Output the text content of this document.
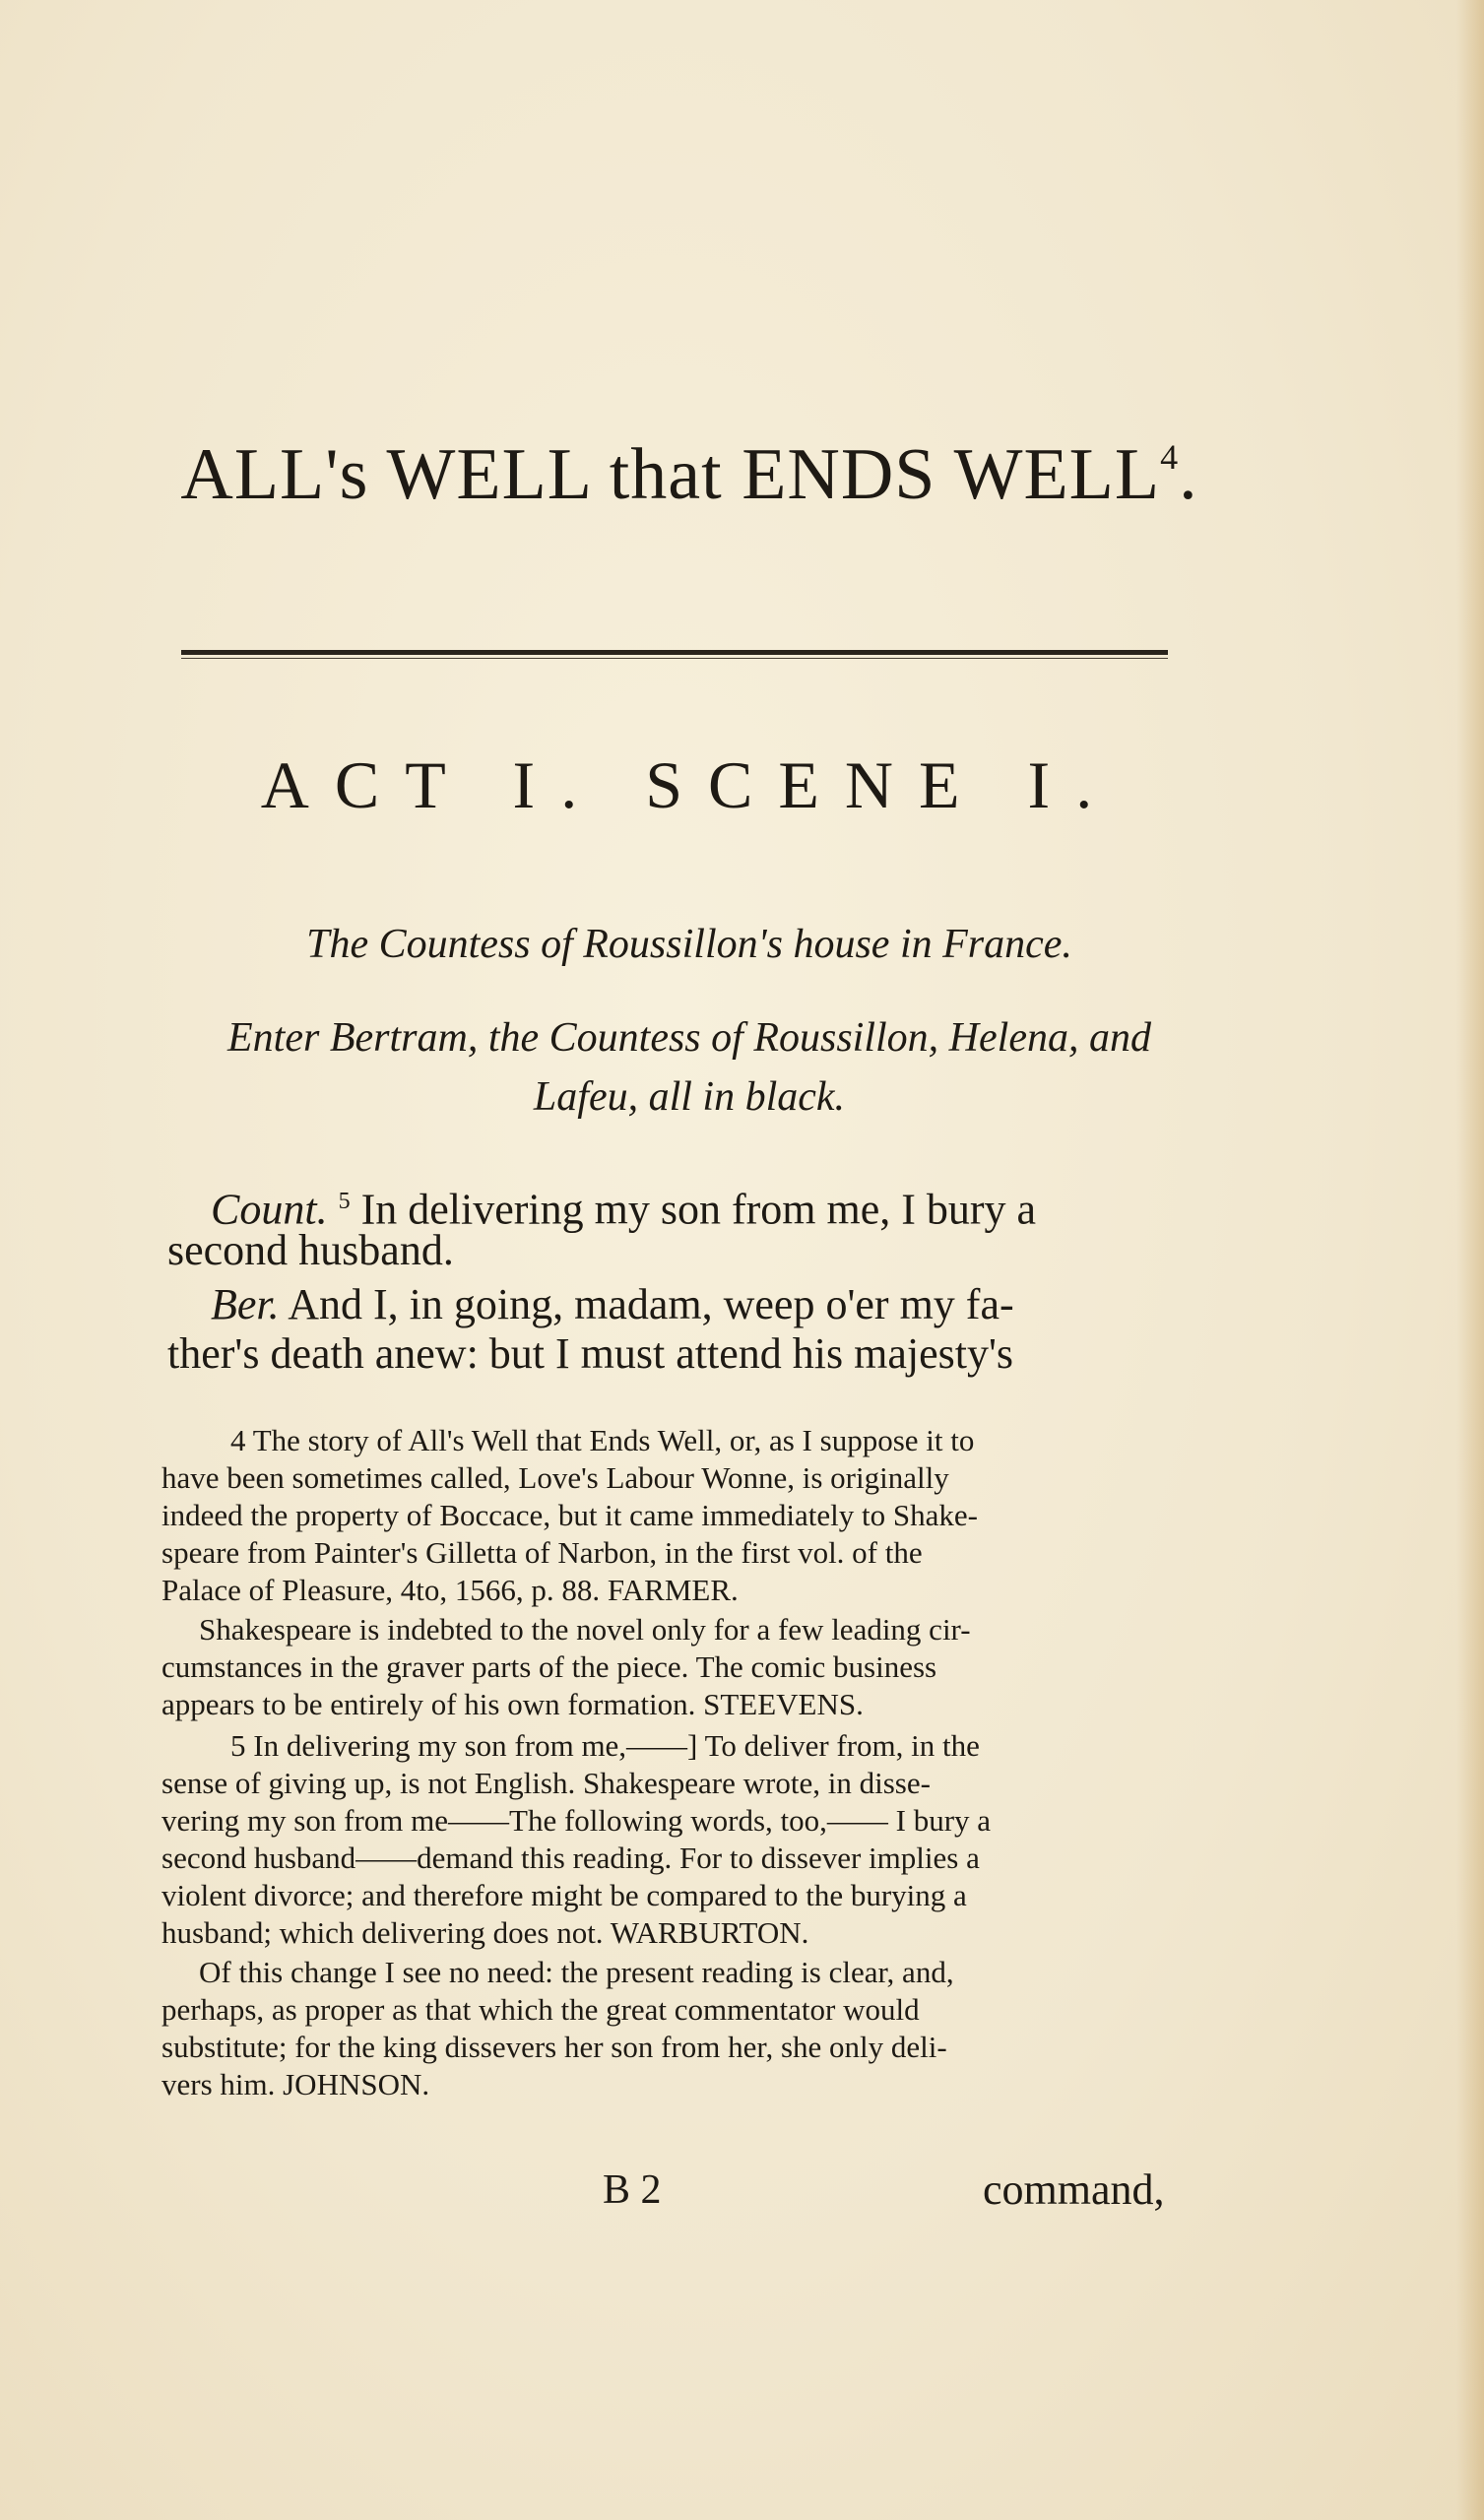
ALL's WELL that ENDS WELL$^4$.
ACT I. SCENE I.
The Countess of Roussillon's house in France.
Enter Bertram, the Countess of Roussillon, Helena, and
Lafeu, all in black.
Count. $^5$ In delivering my son from me, I bury a
second husband.
Ber. And I, in going, madam, weep o'er my fa-
ther's death anew: but I must attend his majesty's
4 The story of All's Well that Ends Well, or, as I suppose it to
have been sometimes called, Love's Labour Wonne, is originally
indeed the property of Boccace, but it came immediately to Shake-
speare from Painter's Gilletta of Narbon, in the first vol. of the
Palace of Pleasure, 4to, 1566, p. 88. FARMER.
Shakespeare is indebted to the novel only for a few leading cir-
cumstances in the graver parts of the piece. The comic business
appears to be entirely of his own formation. STEEVENS.
5 In delivering my son from me,——] To deliver from, in the
sense of giving up, is not English. Shakespeare wrote, in disse-
vering my son from me——The following words, too,—— I bury a
second husband——demand this reading. For to dissever implies a
violent divorce; and therefore might be compared to the burying a
husband; which delivering does not. WARBURTON.
Of this change I see no need: the present reading is clear, and,
perhaps, as proper as that which the great commentator would
substitute; for the king dissevers her son from her, she only deli-
vers him. JOHNSON.
B 2	command,
